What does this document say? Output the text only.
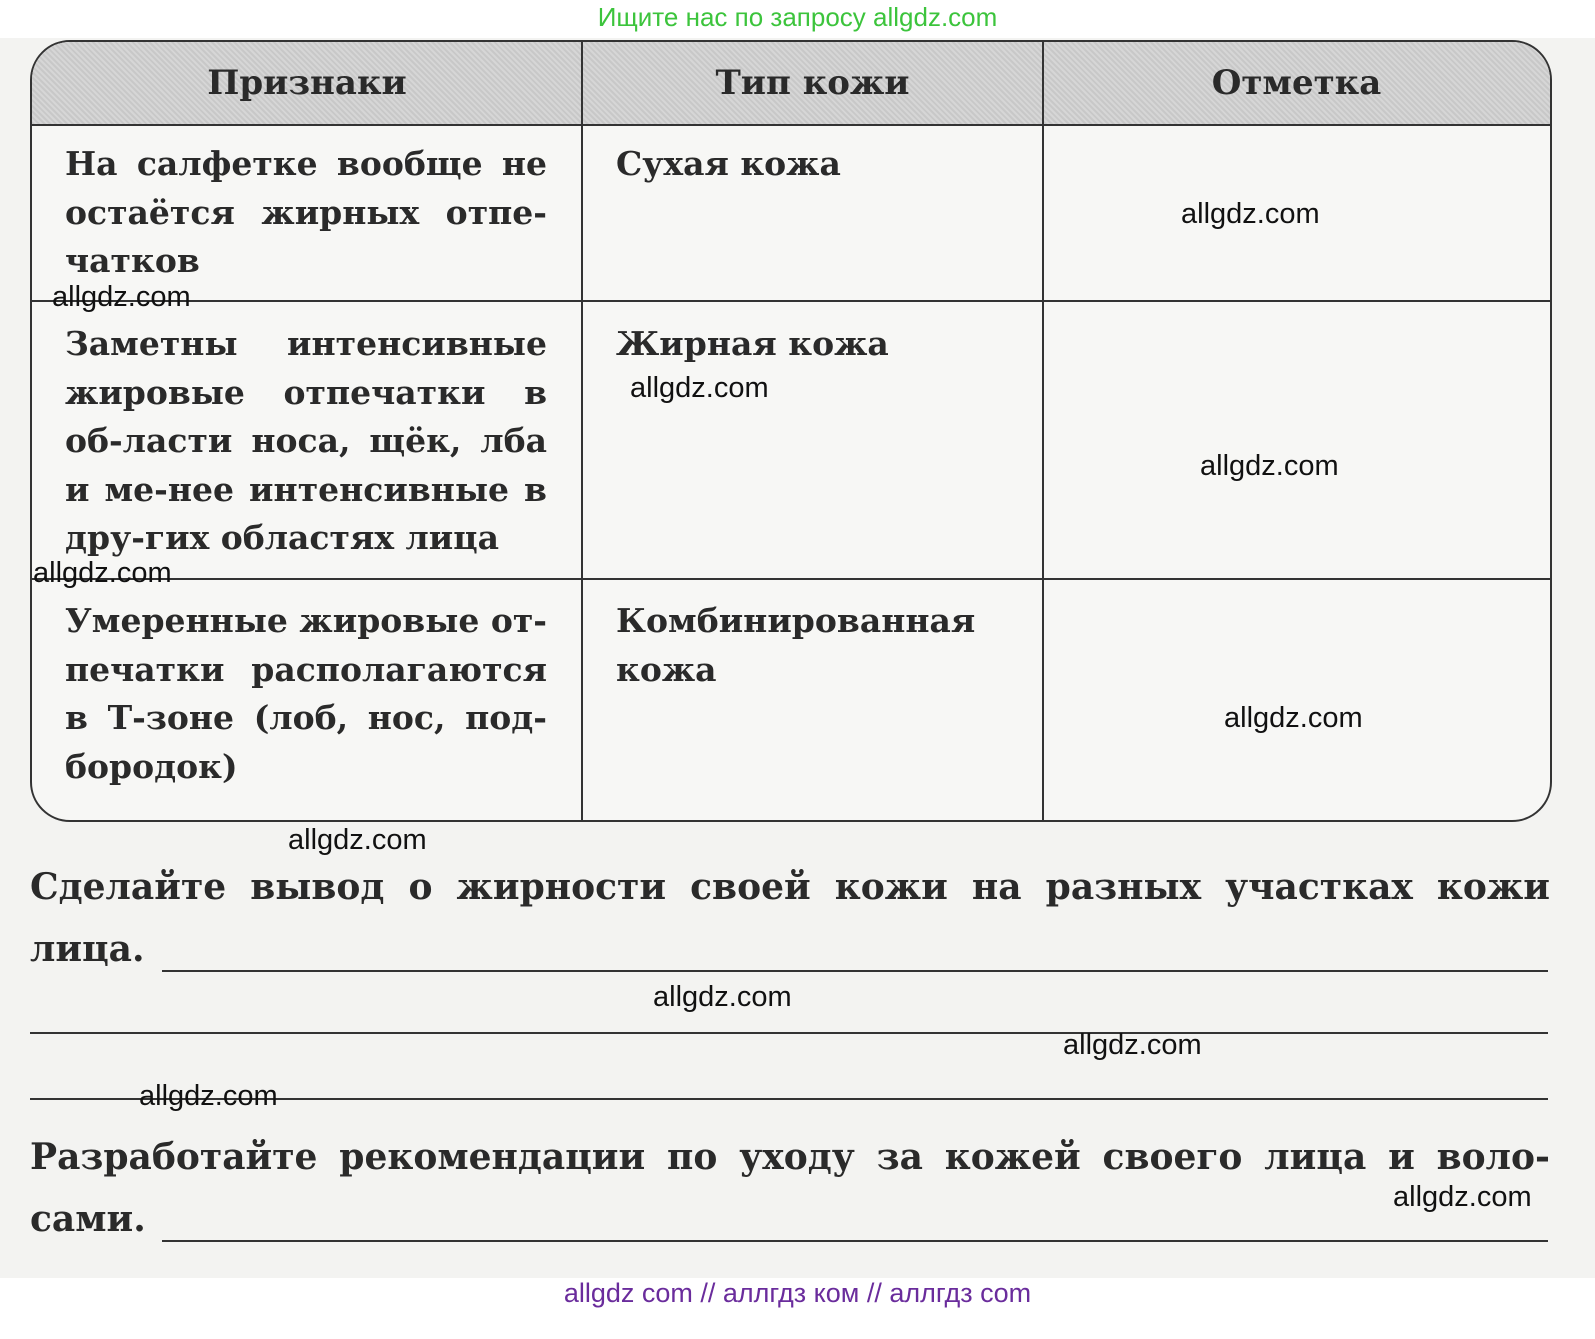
Ищите нас по запросу allgdz.com
Признаки	Тип кожи	Отметка
На салфетке вообще не остаётся жирных отпе-чатков
Сухая кожа
Заметны интенсивные жировые отпечатки в об-ласти носа, щёк, лба и ме-нее интенсивные в дру-гих областях лица
Жирная кожа
Умеренные жировые от-печатки располагаются в Т-зоне (лоб, нос, под-бородок)
Комбинированная кожа
Сделайте вывод о жирности своей кожи на разных участках кожи лица.
Разработайте рекомендации по уходу за кожей своего лица и воло-сами.
allgdz.com
allgdz.com
allgdz.com
allgdz.com
allgdz.com
allgdz.com
allgdz.com
allgdz.com
allgdz.com
allgdz.com
allgdz.com
allgdz com // аллгдз ком // аллгдз com
